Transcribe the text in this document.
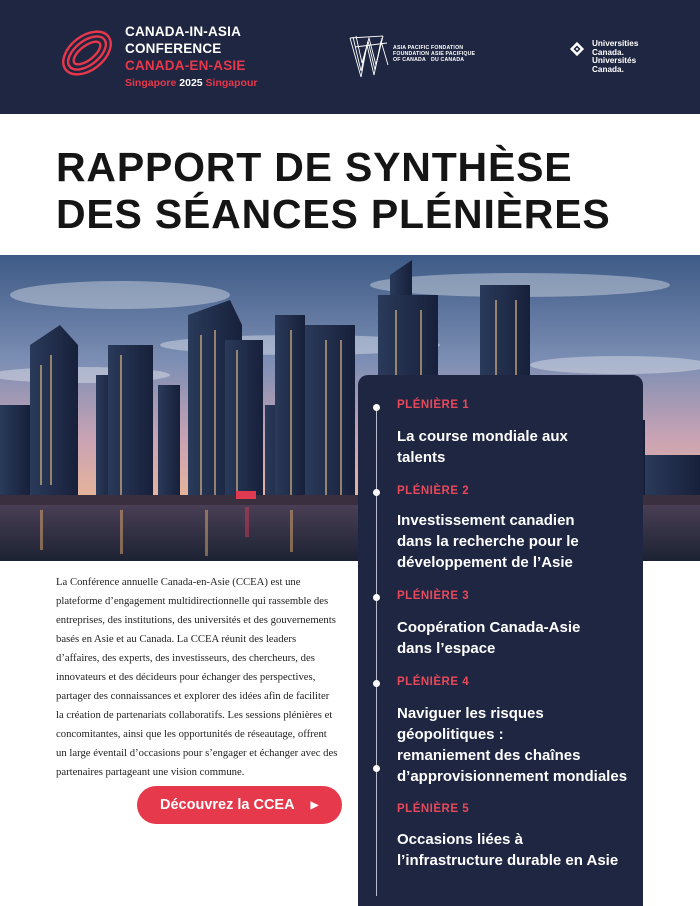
CANADA-IN-ASIA
CONFERENCE
CANADA-EN-ASIE
Singapore 2025 Singapour
ASIA PACIFIC
FOUNDATION
OF CANADA
FONDATION
ASIE PACIFIQUE
DU CANADA
Universities
Canada.
Universités
Canada.
RAPPORT DE SYNTHÈSE
DES SÉANCES PLÉNIÈRES

La Conférence annuelle Canada-en-Asie (CCEA) est une plateforme d’engagement multidirectionnelle qui rassemble des entreprises, des institutions, des universités et des gouvernements basés en Asie et au Canada. La CCEA réunit des leaders d’affaires, des experts, des investisseurs, des chercheurs, des innovateurs et des décideurs pour échanger des perspectives, partager des connaissances et explorer des idées afin de faciliter la création de partenariats collaboratifs. Les sessions plénières et concomitantes, ainsi que les opportunités de réseautage, offrent un large éventail d’occasions pour s’engager et échanger avec des partenaires partageant une vision commune.

Découvrez la CCEA ▶
PLÉNIÈRE 1
La course mondiale aux
talents
PLÉNIÈRE 2
Investissement canadien
dans la recherche pour le
développement de l’Asie
PLÉNIÈRE 3
Coopération Canada-Asie
dans l’espace
PLÉNIÈRE 4
Naviguer les risques
géopolitiques :
remaniement des chaînes
d’approvisionnement mondiales
PLÉNIÈRE 5
Occasions liées à
l’infrastructure durable en Asie
